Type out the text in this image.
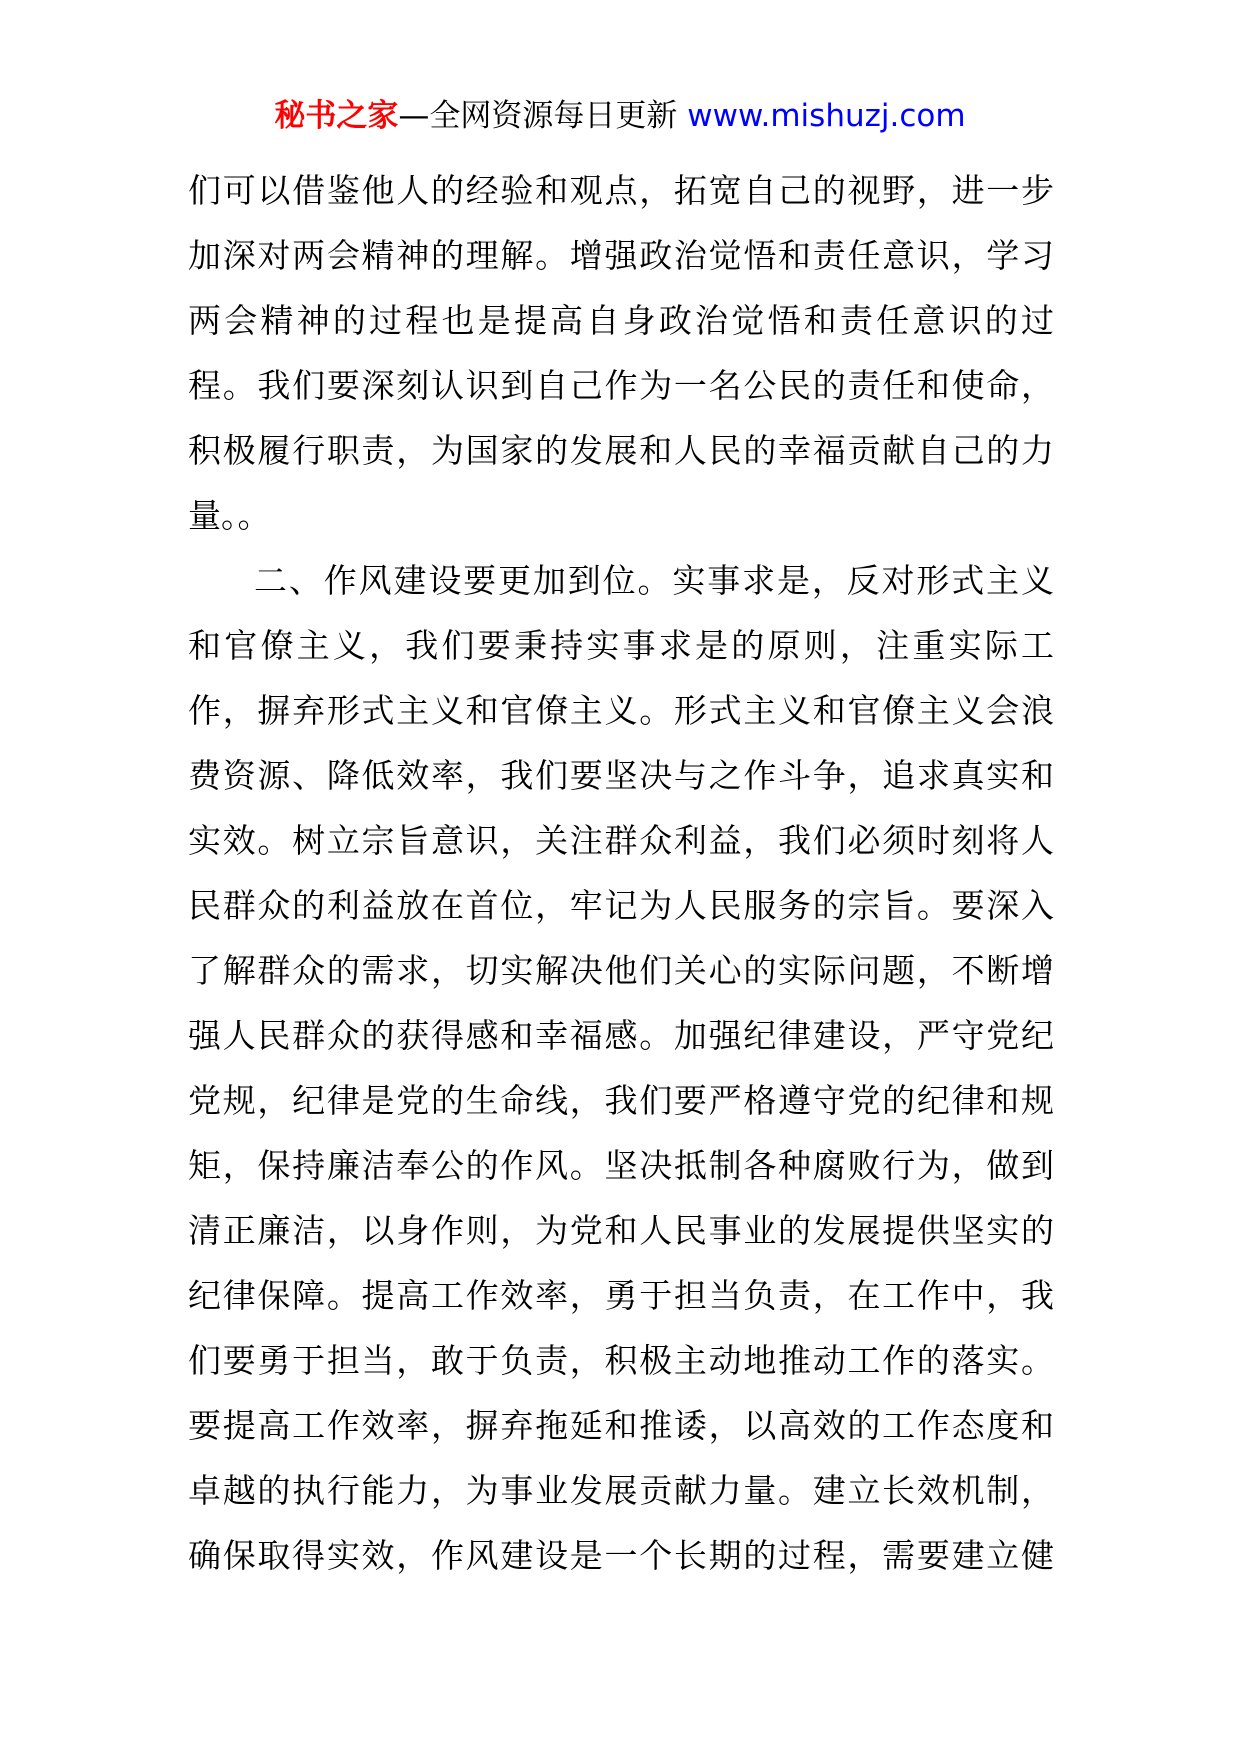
秘书之家—全网资源每日更新 www.mishuzj.com
们可以借鉴他人的经验和观点，拓宽自己的视野，进一步
加深对两会精神的理解。增强政治觉悟和责任意识，学习
两会精神的过程也是提高自身政治觉悟和责任意识的过
程。我们要深刻认识到自己作为一名公民的责任和使命，
积极履行职责，为国家的发展和人民的幸福贡献自己的力
量。。
二、作风建设要更加到位。实事求是，反对形式主义
和官僚主义，我们要秉持实事求是的原则，注重实际工
作，摒弃形式主义和官僚主义。形式主义和官僚主义会浪
费资源、降低效率，我们要坚决与之作斗争，追求真实和
实效。树立宗旨意识，关注群众利益，我们必须时刻将人
民群众的利益放在首位，牢记为人民服务的宗旨。要深入
了解群众的需求，切实解决他们关心的实际问题，不断增
强人民群众的获得感和幸福感。加强纪律建设，严守党纪
党规，纪律是党的生命线，我们要严格遵守党的纪律和规
矩，保持廉洁奉公的作风。坚决抵制各种腐败行为，做到
清正廉洁，以身作则，为党和人民事业的发展提供坚实的
纪律保障。提高工作效率，勇于担当负责，在工作中，我
们要勇于担当，敢于负责，积极主动地推动工作的落实。
要提高工作效率，摒弃拖延和推诿，以高效的工作态度和
卓越的执行能力，为事业发展贡献力量。建立长效机制，
确保取得实效，作风建设是一个长期的过程，需要建立健
